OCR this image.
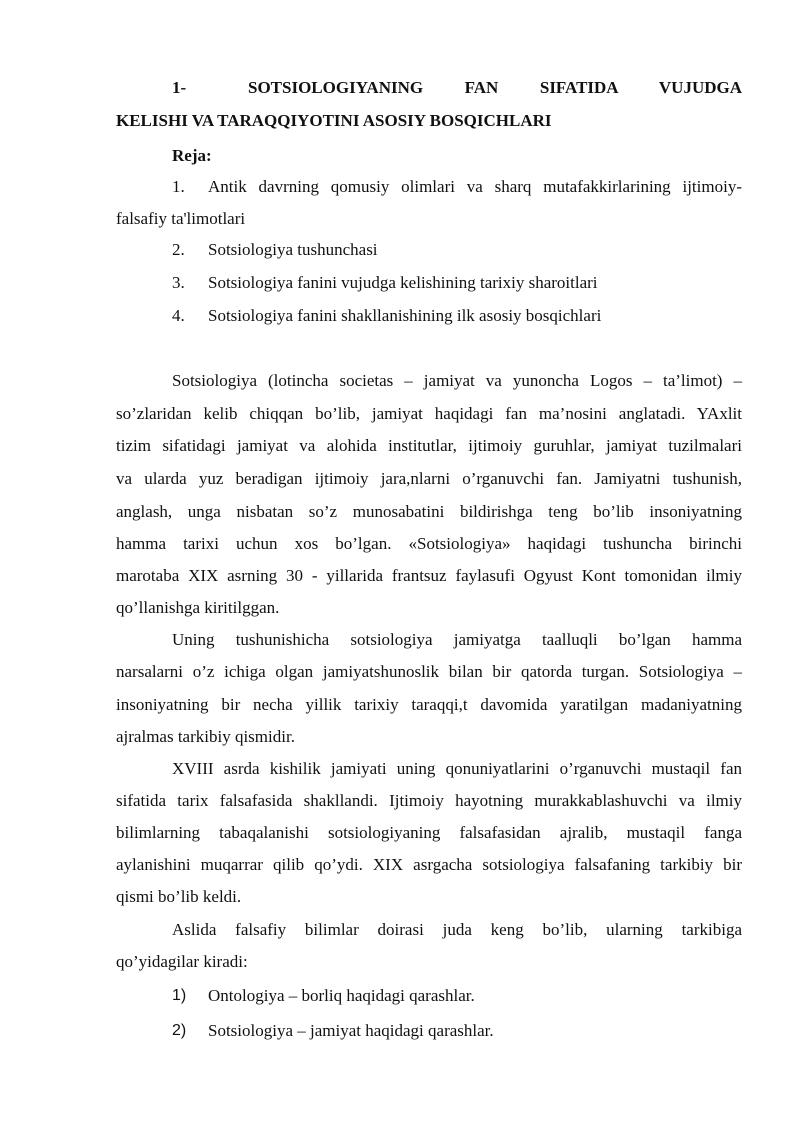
1-	SOTSIOLOGIYANING FAN SIFATIDA VUJUDGA
KELISHI VA TARAQQIYOTINI ASOSIY BOSQICHLARI
Reja:
1. Antik davrning qomusiy olimlari va sharq mutafakkirlarining ijtimoiy-
falsafiy ta'limotlari
2. Sotsiologiya tushunchasi
3. Sotsiologiya fanini vujudga kelishining tarixiy sharoitlari
4. Sotsiologiya fanini shakllanishining ilk asosiy bosqichlari
Sotsiologiya (lotincha societas – jamiyat va yunoncha Logos – ta’limot) –
so’zlaridan kelib chiqqan bo’lib, jamiyat haqidagi fan ma’nosini anglatadi. YAxlit
tizim sifatidagi jamiyat va alohida institutlar, ijtimoiy guruhlar, jamiyat tuzilmalari
va ularda yuz beradigan ijtimoiy jara,nlarni o’rganuvchi fan. Jamiyatni tushunish,
anglash, unga nisbatan so’z munosabatini bildirishga teng bo’lib insoniyatning
hamma tarixi uchun xos bo’lgan. «Sotsiologiya» haqidagi tushuncha birinchi
marotaba XIX asrning 30 - yillarida frantsuz faylasufi Ogyust Kont tomonidan ilmiy
qo’llanishga kiritilggan.
Uning tushunishicha sotsiologiya jamiyatga taalluqli bo’lgan hamma
narsalarni o’z ichiga olgan jamiyatshunoslik bilan bir qatorda turgan. Sotsiologiya –
insoniyatning bir necha yillik tarixiy taraqqi,t davomida yaratilgan madaniyatning
ajralmas tarkibiy qismidir.
XVIII asrda kishilik jamiyati uning qonuniyatlarini o’rganuvchi mustaqil fan
sifatida tarix falsafasida shakllandi. Ijtimoiy hayotning murakkablashuvchi va ilmiy
bilimlarning tabaqalanishi sotsiologiyaning falsafasidan ajralib, mustaqil fanga
aylanishini muqarrar qilib qo’ydi. XIX asrgacha sotsiologiya falsafaning tarkibiy bir
qismi bo’lib keldi.
Aslida falsafiy bilimlar doirasi juda keng bo’lib, ularning tarkibiga
qo’yidagilar kiradi:
1) Ontologiya – borliq haqidagi qarashlar.
2) Sotsiologiya – jamiyat haqidagi qarashlar.
